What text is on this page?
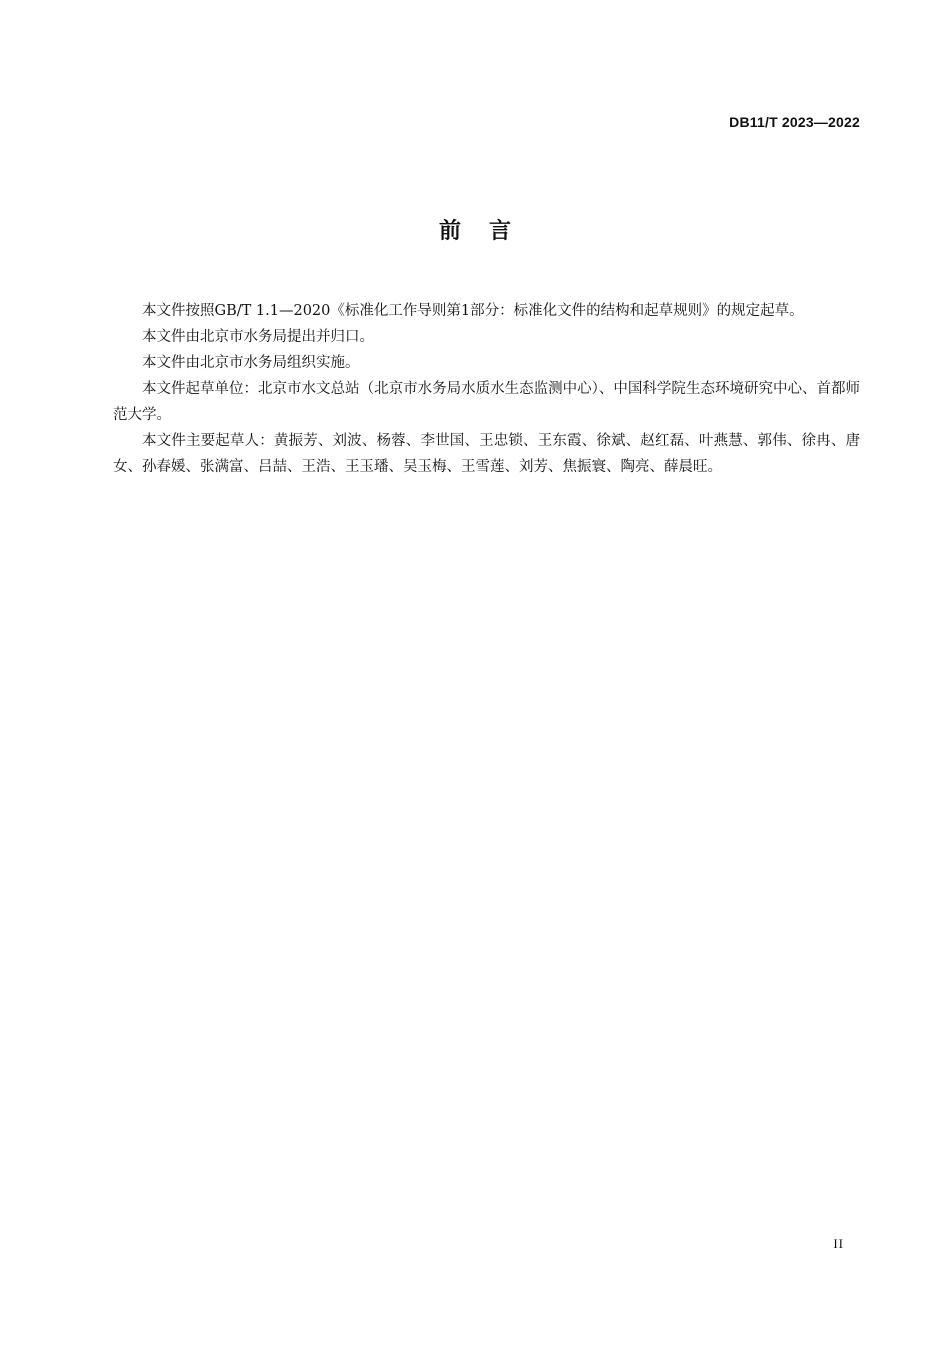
DB11/T 2023—2022
前言

本文件按照GB/T 1.1—2020《标准化工作导则第1部分：标准化文件的结构和起草规则》的规定起草。

本文件由北京市水务局提出并归口。

本文件由北京市水务局组织实施。

本文件起草单位：北京市水文总站（北京市水务局水质水生态监测中心）、中国科学院生态环境研究中心、首都师范大学。

本文件主要起草人：黄振芳、刘波、杨蓉、李世国、王忠锁、王东霞、徐斌、赵红磊、叶燕慧、郭伟、徐冉、唐女、孙春媛、张满富、吕喆、王浩、王玉璠、吴玉梅、王雪莲、刘芳、焦振寰、陶亮、薛晨旺。

II
